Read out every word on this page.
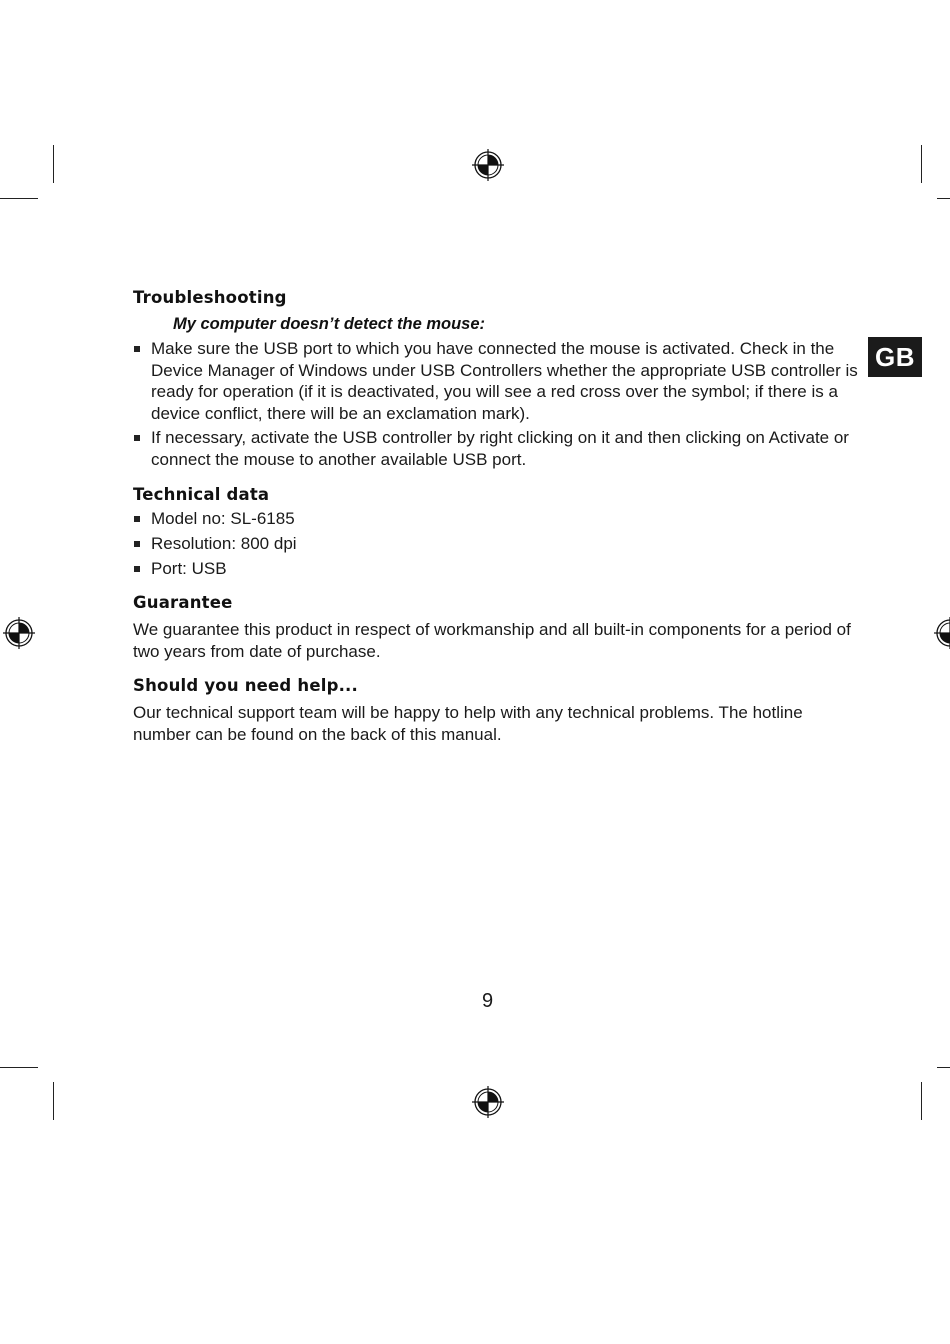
GB
Troubleshooting
My computer doesn’t detect the mouse:
Make sure the USB port to which you have connected the mouse is activated. Check in the Device Manager of Windows under USB Controllers whether the appropriate USB controller is ready for operation (if it is deactivated, you will see a red cross over the symbol; if there is a device conflict, there will be an exclamation mark).
If necessary, activate the USB controller by right clicking on it and then clicking on Activate or connect the mouse to another available USB port.
Technical data
Model no: SL-6185
Resolution: 800 dpi
Port: USB
Guarantee

We guarantee this product in respect of workmanship and all built-in components for a period of two years from date of purchase.

Should you need help...

Our technical support team will be happy to help with any technical problems. The hotline number can be found on the back of this manual.

9
